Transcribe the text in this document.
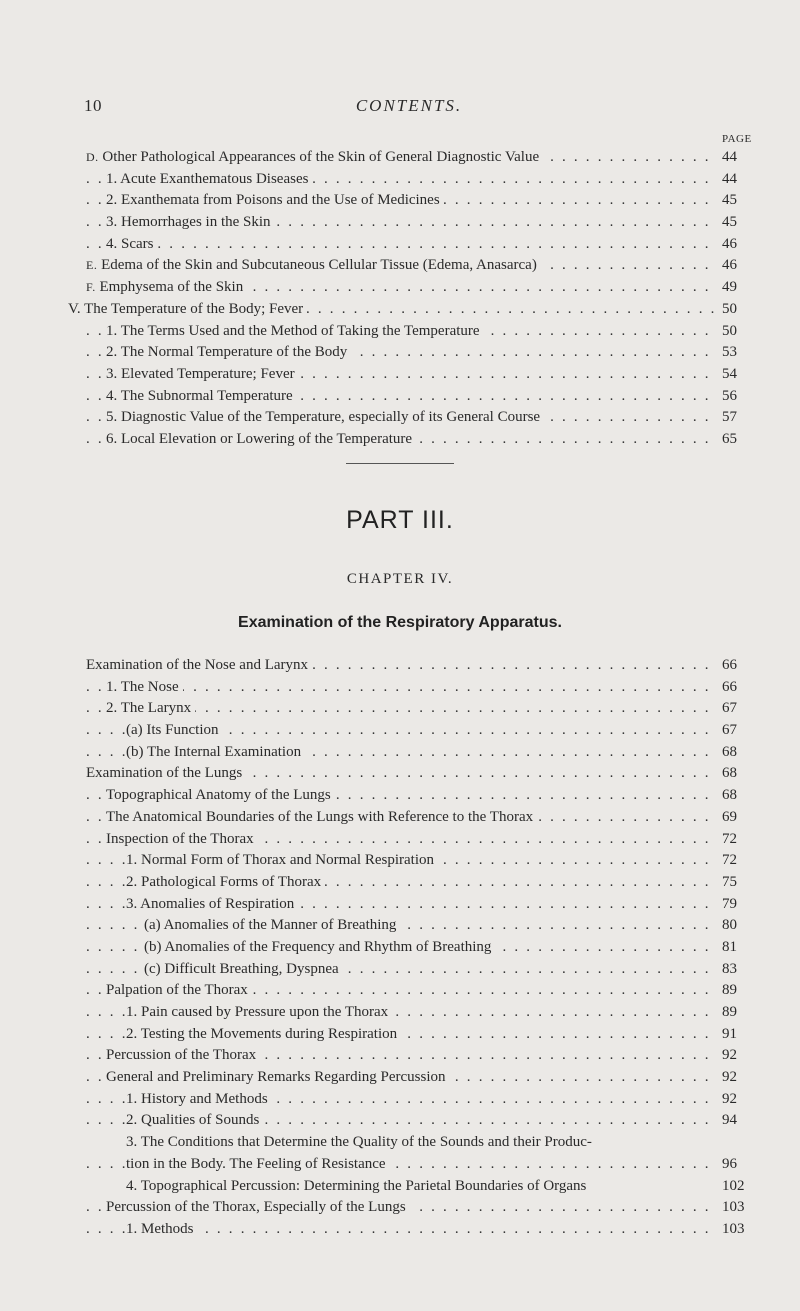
10	CONTENTS.
PAGE
. . . D. Other Pathological Appearances of the Skin of General Diagnostic Value	44
. . . 1. Acute Exanthematous Diseases	44
. . . 2. Exanthemata from Poisons and the Use of Medicines	45
. . . 3. Hemorrhages in the Skin	45
. . . 4. Scars	46
. . . E. Edema of the Skin and Subcutaneous Cellular Tissue (Edema, Anasarca)	46
. . . F. Emphysema of the Skin	49
. . . V. The Temperature of the Body; Fever	50
. . . 1. The Terms Used and the Method of Taking the Temperature	50
. . . 2. The Normal Temperature of the Body	53
. . . 3. Elevated Temperature; Fever	54
. . . 4. The Subnormal Temperature	56
. . . 5. Diagnostic Value of the Temperature, especially of its General Course	57
. . . 6. Local Elevation or Lowering of the Temperature	65
PART III.
CHAPTER IV.
Examination of the Respiratory Apparatus.
. . . Examination of the Nose and Larynx	66
. . . 1. The Nose	66
. . . 2. The Larynx	67
. . . (a) Its Function	67
. . . (b) The Internal Examination	68
. . . Examination of the Lungs	68
. . . Topographical Anatomy of the Lungs	68
. . . The Anatomical Boundaries of the Lungs with Reference to the Thorax	69
. . . Inspection of the Thorax	72
. . . 1. Normal Form of Thorax and Normal Respiration	72
. . . 2. Pathological Forms of Thorax	75
. . . 3. Anomalies of Respiration	79
. . . (a) Anomalies of the Manner of Breathing	80
. . . (b) Anomalies of the Frequency and Rhythm of Breathing	81
. . . (c) Difficult Breathing, Dyspnea	83
. . . Palpation of the Thorax	89
. . . 1. Pain caused by Pressure upon the Thorax	89
. . . 2. Testing the Movements during Respiration	91
. . . Percussion of the Thorax	92
. . . General and Preliminary Remarks Regarding Percussion	92
. . . 1. History and Methods	92
. . . 2. Qualities of Sounds	94
3. The Conditions that Determine the Quality of the Sounds and their Produc-
. . . tion in the Body. The Feeling of Resistance	96
4. Topographical Percussion: Determining the Parietal Boundaries of Organs	102
. . . Percussion of the Thorax, Especially of the Lungs	103
. . . 1. Methods	103
